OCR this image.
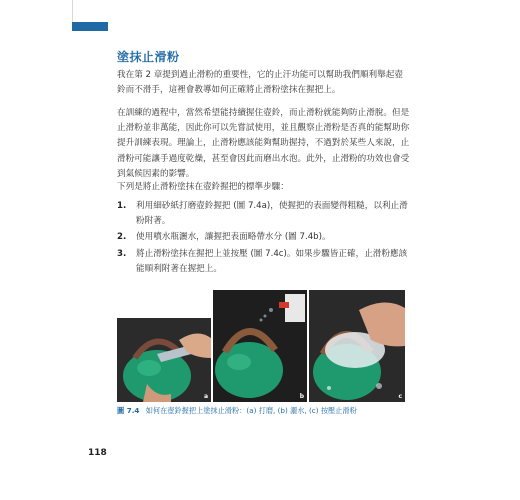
塗抹止滑粉

我在第 2 章提到過止滑粉的重要性，它的止汗功能可以幫助我們順利舉起壺鈴而不滑手，這裡會教導如何正確將止滑粉塗抹在握把上。

在訓練的過程中，當然希望能持續握住壺鈴，而止滑粉就能夠防止滑脫。但是止滑粉並非萬能，因此你可以先嘗試使用，並且觀察止滑粉是否真的能幫助你提升訓練表現。理論上，止滑粉應該能夠幫助握持，不過對於某些人來說，止滑粉可能讓手過度乾燥，甚至會因此而磨出水泡。此外，止滑粉的功效也會受到氣候因素的影響。

下列是將止滑粉塗抹在壺鈴握把的標準步驟：

1. 利用細砂紙打磨壺鈴握把 (圖 7.4a)，使握把的表面變得粗糙，以利止滑粉附著。
2. 使用噴水瓶灑水，讓握把表面略帶水分 (圖 7.4b)。
3. 將止滑粉塗抹在握把上並按壓 (圖 7.4c)。如果步驟皆正確，止滑粉應該能順利附著在握把上。
a	b	c
圖 7.4 如何在壺鈴握把上塗抹止滑粉：(a) 打磨, (b) 灑水, (c) 按壓止滑粉
118
